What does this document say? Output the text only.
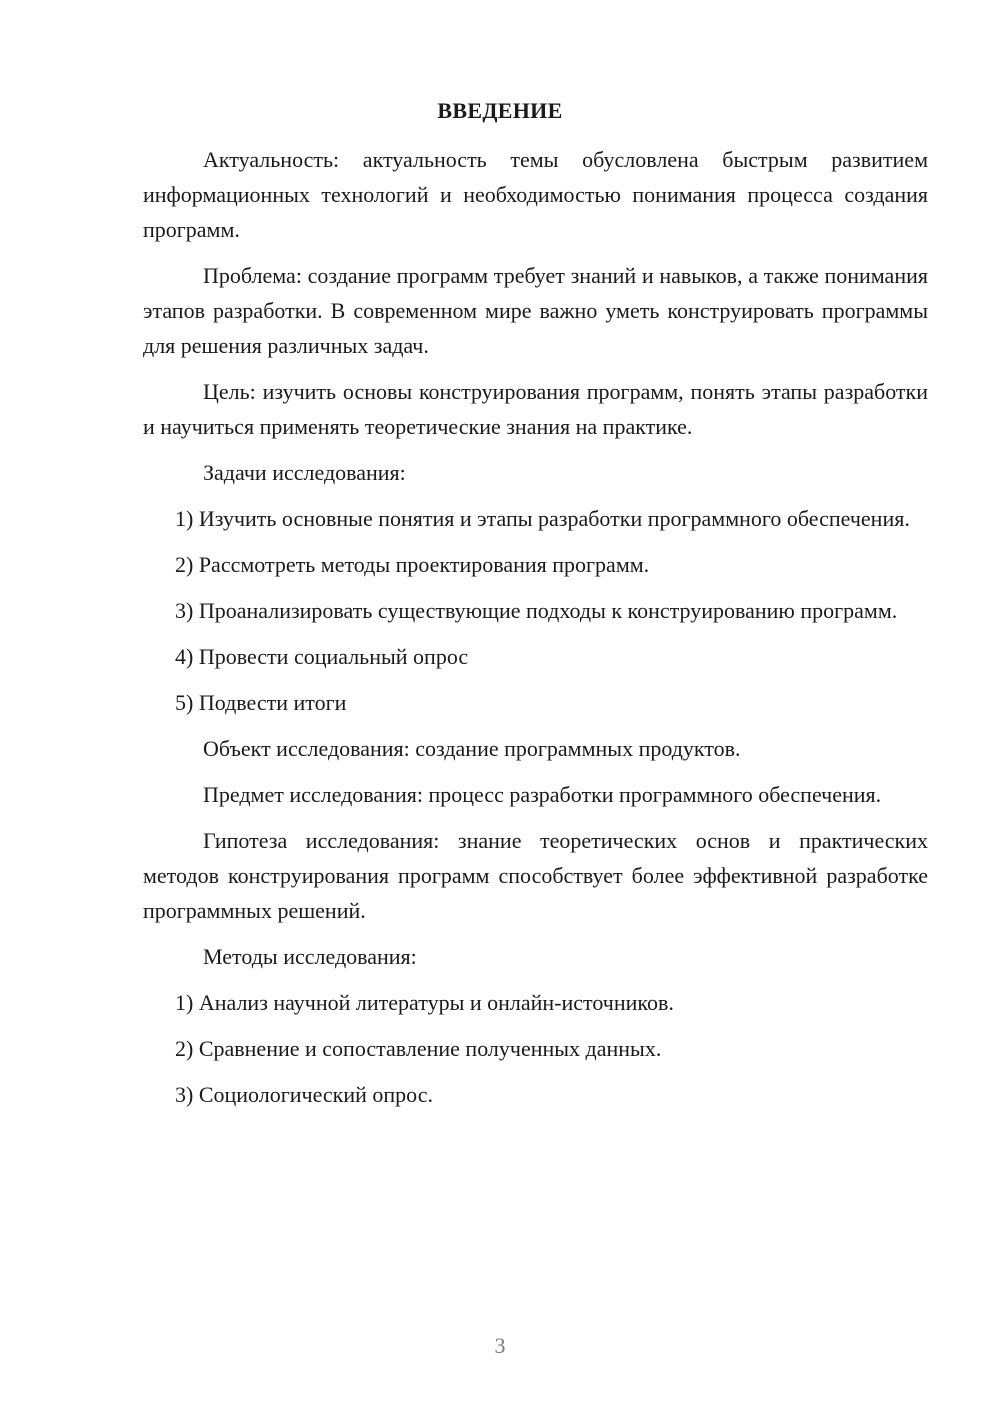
ВВЕДЕНИЕ

Актуальность: актуальность темы обусловлена быстрым развитием информационных технологий и необходимостью понимания процесса создания программ.

Проблема: создание программ требует знаний и навыков, а также понимания этапов разработки. В современном мире важно уметь конструировать программы для решения различных задач.

Цель: изучить основы конструирования программ, понять этапы разработки и научиться применять теоретические знания на практике.

Задачи исследования:

1) Изучить основные понятия и этапы разработки программного обеспечения.

2) Рассмотреть методы проектирования программ.

3) Проанализировать существующие подходы к конструированию программ.

4) Провести социальный опрос

5) Подвести итоги

Объект исследования: создание программных продуктов.

Предмет исследования: процесс разработки программного обеспечения.

Гипотеза исследования: знание теоретических основ и практических методов конструирования программ способствует более эффективной разработке программных решений.

Методы исследования:

1) Анализ научной литературы и онлайн-источников.

2) Сравнение и сопоставление полученных данных.

3) Социологический опрос.

3
